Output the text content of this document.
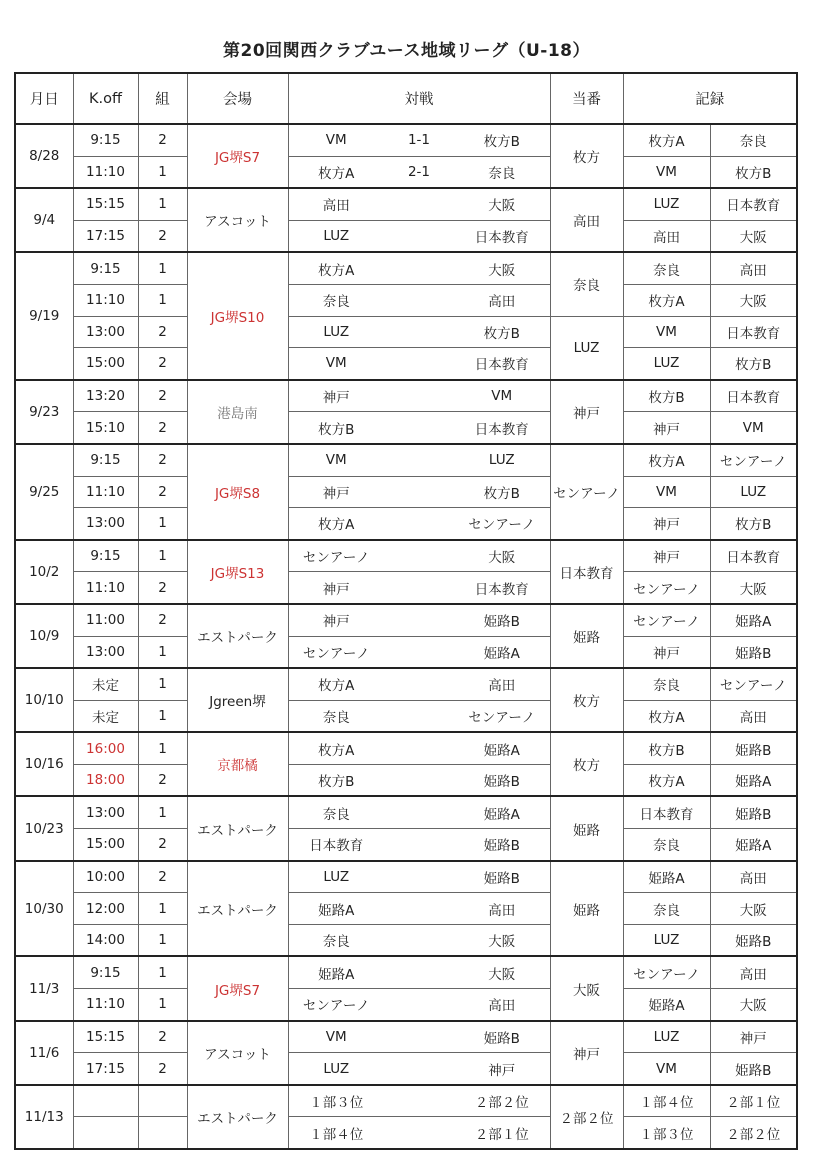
第20回関西クラブユース地域リーグ（U-18）
月日	K.off	組	会場	対戦			当番	記録	
8/28	9:15	2	JG堺S7	VM	1-1	枚方B	枚方	枚方A	奈良
	11:10	1		枚方A	2-1	奈良		VM	枚方B
9/4	15:15	1	アスコット	高田		大阪	高田	LUZ	日本教育
	17:15	2		LUZ		日本教育		高田	大阪
9/19	9:15	1	JG堺S10	枚方A		大阪	奈良	奈良	高田
	11:10	1		奈良		高田		枚方A	大阪
	13:00	2		LUZ		枚方B	LUZ	VM	日本教育
	15:00	2		VM		日本教育		LUZ	枚方B
9/23	13:20	2	港島南	神戸		VM	神戸	枚方B	日本教育
	15:10	2		枚方B		日本教育		神戸	VM
9/25	9:15	2	JG堺S8	VM		LUZ	センアーノ	枚方A	センアーノ
	11:10	2		神戸		枚方B		VM	LUZ
	13:00	1		枚方A		センアーノ		神戸	枚方B
10/2	9:15	1	JG堺S13	センアーノ		大阪	日本教育	神戸	日本教育
	11:10	2		神戸		日本教育		センアーノ	大阪
10/9	11:00	2	エストパーク	神戸		姫路B	姫路	センアーノ	姫路A
	13:00	1		センアーノ		姫路A		神戸	姫路B
10/10	未定	1	Jgreen堺	枚方A		高田	枚方	奈良	センアーノ
	未定	1		奈良		センアーノ		枚方A	高田
10/16	16:00	1	京都橘	枚方A		姫路A	枚方	枚方B	姫路B
	18:00	2		枚方B		姫路B		枚方A	姫路A
10/23	13:00	1	エストパーク	奈良		姫路A	姫路	日本教育	姫路B
	15:00	2		日本教育		姫路B		奈良	姫路A
10/30	10:00	2	エストパーク	LUZ		姫路B	姫路	姫路A	高田
	12:00	1		姫路A		高田		奈良	大阪
	14:00	1		奈良		大阪		LUZ	姫路B
11/3	9:15	1	JG堺S7	姫路A		大阪	大阪	センアーノ	高田
	11:10	1		センアーノ		高田		姫路A	大阪
11/6	15:15	2	アスコット	VM		姫路B	神戸	LUZ	神戸
	17:15	2		LUZ		神戸		VM	姫路B
11/13			エストパーク	１部３位		２部２位	２部２位	１部４位	２部１位
				１部４位		２部１位		１部３位	２部２位
